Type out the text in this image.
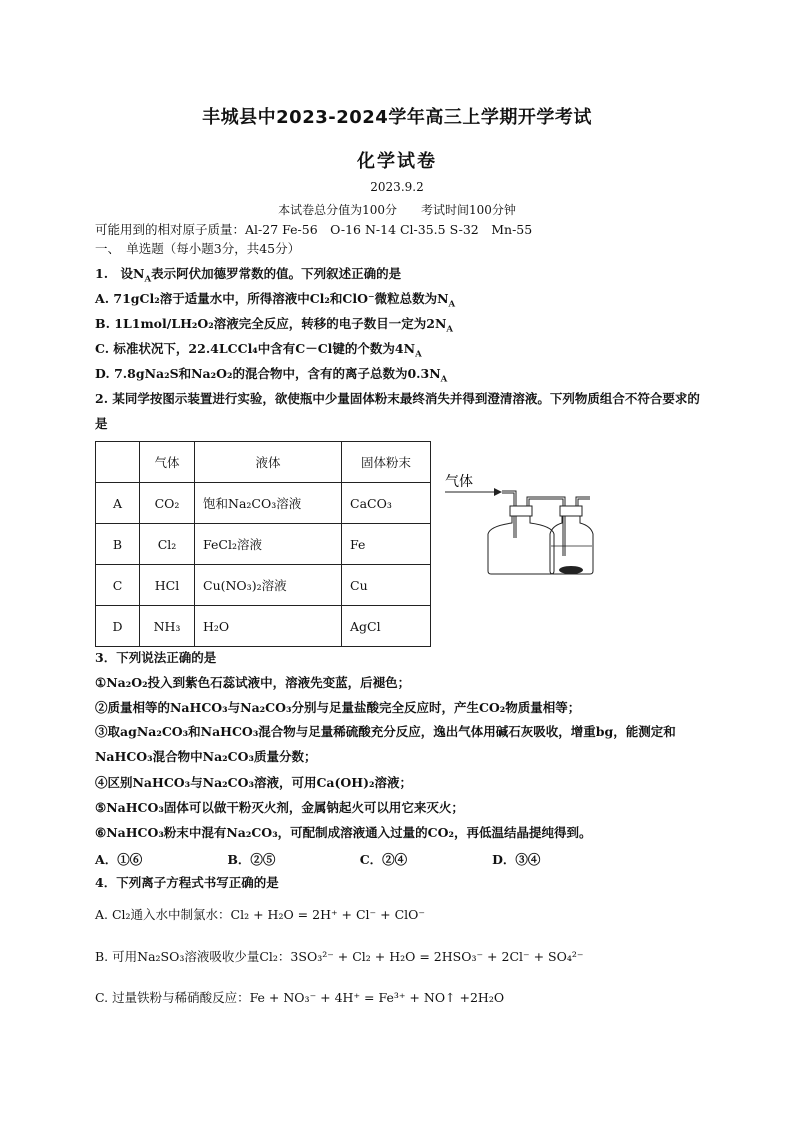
丰城县中2023-2024学年高三上学期开学考试
化学试卷
2023.9.2
本试卷总分值为100分　　考试时间100分钟
可能用到的相对原子质量：Al-27 Fe-56　O-16 N-14 Cl-35.5 S-32　Mn-55
一、　单选题（每小题3分，共45分）
1.　设$N_A$表示阿伏加德罗常数的值。下列叙述正确的是
A. 71gCl₂溶于适量水中，所得溶液中Cl₂和ClO⁻微粒总数为$N_A$
B. 1L1mol/LH₂O₂溶液完全反应，转移的电子数目一定为$2N_A$
C. 标准状况下，22.4LCCl₄中含有C－Cl键的个数为$4N_A$
D. 7.8gNa₂S和Na₂O₂的混合物中，含有的离子总数为$0.3N_A$
2. 某同学按图示装置进行实验，欲使瓶中少量固体粉末最终消失并得到澄清溶液。下列物质组合不符合要求的是
	气体	液体	固体粉末
A	CO₂	饱和Na₂CO₃溶液	CaCO₃
B	Cl₂	FeCl₂溶液	Fe
C	HCl	Cu(NO₃)₂溶液	Cu
D	NH₃	H₂O	AgCl
气体
3．下列说法正确的是
①Na₂O₂投入到紫色石蕊试液中，溶液先变蓝，后褪色；
②质量相等的NaHCO₃与Na₂CO₃分别与足量盐酸完全反应时，产生CO₂物质量相等；
③取agNa₂CO₃和NaHCO₃混合物与足量稀硫酸充分反应，逸出气体用碱石灰吸收，增重bg，能测定和NaHCO₃混合物中Na₂CO₃质量分数；
④区别NaHCO₃与Na₂CO₃溶液，可用Ca(OH)₂溶液；
⑤NaHCO₃固体可以做干粉灭火剂，金属钠起火可以用它来灭火；
⑥NaHCO₃粉末中混有Na₂CO₃，可配制成溶液通入过量的CO₂，再低温结晶提纯得到。
A．①⑥	B．②⑤	C．②④	D．③④
4．下列离子方程式书写正确的是
A. Cl₂通入水中制氯水：Cl₂ + H₂O = 2H⁺ + Cl⁻ + ClO⁻
B. 可用Na₂SO₃溶液吸收少量Cl₂：3SO₃²⁻ + Cl₂ + H₂O = 2HSO₃⁻ + 2Cl⁻ + SO₄²⁻
C. 过量铁粉与稀硝酸反应：Fe + NO₃⁻ + 4H⁺ = Fe³⁺ + NO↑ +2H₂O
